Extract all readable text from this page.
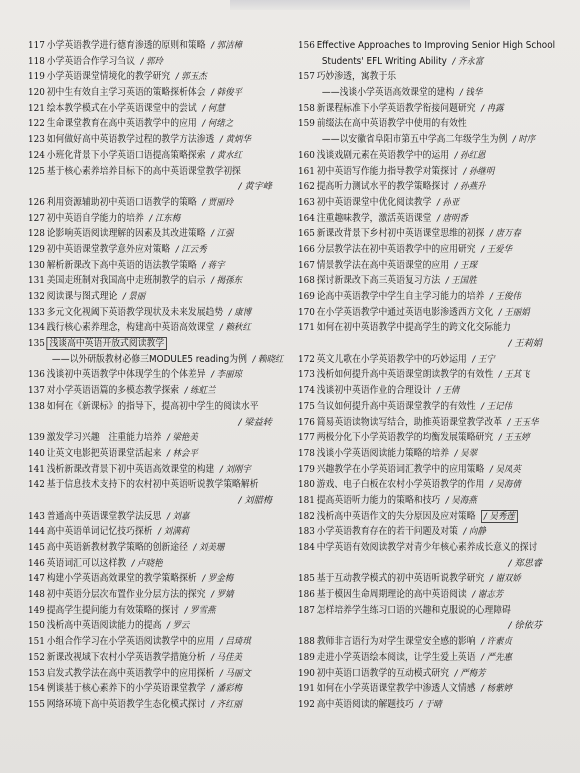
117 小学英语教学进行德育渗透的原则和策略 / 郭洁樟
118 小学英语合作学习刍议 / 郭玲
119 小学英语课堂情境化的教学研究 / 郭玉杰
120 初中生有效自主学习英语的策略探析体会 / 韩俊平
121 绘本教学模式在小学英语课堂中的尝试 / 何慧
122 生命课堂教育在高中英语教学中的应用 / 何绪之
123 如何做好高中英语教学过程的教学方法渗透 / 黄炳华
124 小班化背景下小学英语口语提高策略探索 / 黄水红
125 基于核心素养培养目标下的高中英语课堂教学初探
/ 黄宇峰
126 利用资源辅助初中英语口语教学的策略 / 贾丽玲
127 初中英语自学能力的培养 / 江东梅
128 论影响英语阅读理解的因素及其改进策略 / 江强
129 初中英语课堂教学意外应对策略 / 江云秀
130 解析新课改下高中英语的语法教学策略 / 蒋宇
131 美国走班制对我国高中走班制教学的启示 / 揭孫东
132 阅读课与图式理论 / 景丽
133 多元文化视阈下英语教学现状及未来发展趋势 / 康博
134 践行核心素养理念，构建高中英语高效课堂 / 赖秋红
135 浅谈高中英语开放式阅读教学
——以外研版教材必修三MODULE5 reading为例 / 赖晓红
136 浅谈初中英语教学中体现学生的个体差异 / 李丽琼
137 对小学英语语篇的多模态教学探索 / 练虹兰
138 如何在《新课标》的指导下，提高初中学生的阅读水平
/ 梁益转
139 激发学习兴趣　注重能力培养 / 梁艳美
140 让英文电影把英语课堂活起来 / 林会平
141 浅析新课改背景下初中英语高效课堂的构建 / 刘刚宇
142 基于信息技术支持下的农村初中英语听说教学策略解析
/ 刘腊梅
143 普通高中英语课堂教学法反思 / 刘嘉
144 高中英语单词记忆技巧探析 / 刘满莉
145 高中英语新教材教学策略的创新途径 / 刘美珊
146 英语词汇可以这样教 / 卢晓艳
147 构建小学英语高效课堂的教学策略探析 / 罗金梅
148 初中英语分层次布置作业分层方法的探究 / 罗婧
149 提高学生提问能力有效策略的探讨 / 罗雪燕
150 浅析高中英语阅读能力的提高 / 罗云
151 小组合作学习在小学英语阅读教学中的应用 / 吕琦琪
152 新课改视域下农村小学英语教学措施分析 / 马佳美
153 启发式教学法在高中英语教学中的应用探析 / 马丽文
154 例谈基于核心素养下的小学英语课堂教学 / 潘彩梅
155 网络环境下高中英语教学生态化模式探讨 / 齐红丽
156 Effective Approaches to Improving Senior High School
Students' EFL Writing Ability / 齐永富
157 巧妙渗透，寓教于乐
——浅谈小学英语高效课堂的建构 / 钱华
158 新课程标准下小学英语教学衔接问题研究 / 冉露
159 前缀法在高中英语教学中使用的有效性
——以安徽省阜阳市第五中学高二年级学生为例 / 时序
160 浅谈戏剧元素在英语教学中的运用 / 孙红恩
161 初中英语写作能力指导教学对策探讨 / 孙继明
162 提高听力测试水平的教学策略探讨 / 孙燕升
163 初中英语课堂中优化阅读教学 / 孙亚
164 注重趣味教学，激活英语课堂 / 唐明香
165 新课改背景下乡村初中英语课堂思维的初探 / 唐万春
166 分层教学法在初中英语教学中的应用研究 / 王爱华
167 情景教学法在高中英语课堂的应用 / 王琛
168 探讨新课改下高三英语复习方法 / 王国胜
169 论高中英语教学中学生自主学习能力的培养 / 王俊伟
170 在小学英语教学中通过英语电影渗透西方文化 / 王丽娟
171 如何在初中英语教学中提高学生的跨文化交际能力
/ 王莉娟
172 英文儿歌在小学英语教学中的巧妙运用 / 王宁
173 浅析如何提升高中英语课堂朗读教学的有效性 / 王其飞
174 浅谈初中英语作业的合理设计 / 王倩
175 刍议如何提升高中英语课堂教学的有效性 / 王记伟
176 简易英语读物读写结合，助推英语课堂教学改革 / 王玉华
177 两极分化下小学英语教学的均衡发展策略研究 / 王玉婷
178 浅谈小学英语阅读能力策略的培养 / 吴翠
179 兴趣教学在小学英语词汇教学中的应用策略 / 吴凤英
180 游戏、电子白板在农村小学英语教学的作用 / 吴海倩
181 提高英语听力能力的策略和技巧 / 吴海燕
182 浅析高中英语作文的失分原因及应对策略 / 吴秀莲
183 小学英语教育存在的若干问题及对策 / 向静
184 中学英语有效阅读教学对青少年核心素养成长意义的探讨
/ 郑思睿
185 基于互动教学模式的初中英语听说教学研究 / 谢双娇
186 基于模因生命周期理论的高中英语阅读 / 谢志芳
187 怎样培养学生练习口语的兴趣和克服说的心理障碍
/ 徐依芬
188 教师非言语行为对学生课堂安全感的影响 / 许素贞
189 走进小学英语绘本阅读，让学生爱上英语 / 严先惠
190 初中英语口语教学的互动模式研究 / 严梅芳
191 如何在小学英语课堂教学中渗透人文情感 / 杨紫婷
192 高中英语阅读的解题技巧 / 于晴
